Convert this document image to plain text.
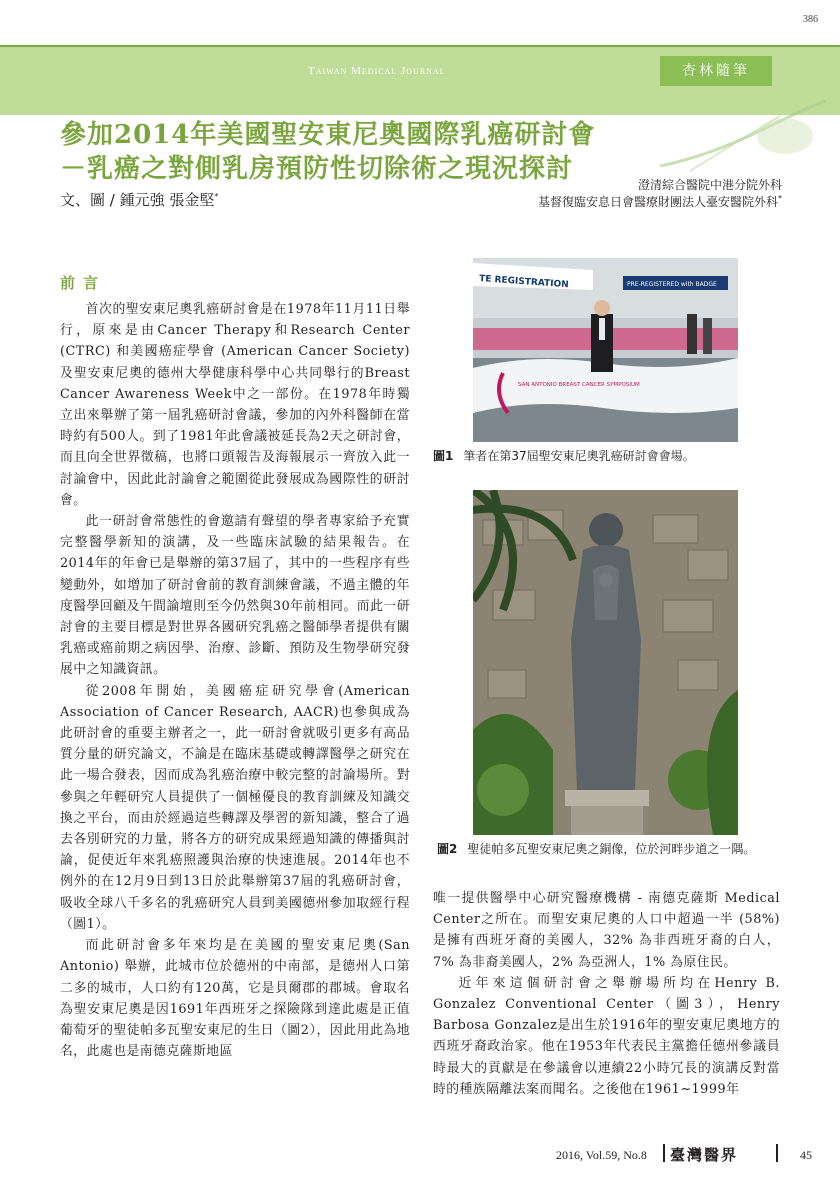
386
Taiwan Medical Journal	杏林隨筆
參加2014年美國聖安東尼奧國際乳癌研討會
－乳癌之對側乳房預防性切除術之現況探討
文、圖 / 鍾元強 張金堅*
澄清綜合醫院中港分院外科
基督復臨安息日會醫療財團法人臺安醫院外科*
前言

首次的聖安東尼奧乳癌研討會是在1978年11月11日舉行，原來是由Cancer Therapy和Research Center (CTRC) 和美國癌症學會 (American Cancer Society) 及聖安東尼奧的德州大學健康科學中心共同舉行的Breast Cancer Awareness Week中之一部份。在1978年時獨立出來舉辦了第一屆乳癌研討會議，參加的內外科醫師在當時約有500人。到了1981年此會議被延長為2天之研討會，而且向全世界徵稿，也將口頭報告及海報展示一齊放入此一討論會中，因此此討論會之範圍從此發展成為國際性的研討會。

此一研討會常態性的會邀請有聲望的學者專家給予充實完整醫學新知的演講，及一些臨床試驗的結果報告。在2014年的年會已是舉辦的第37屆了，其中的一些程序有些變動外，如增加了研討會前的教育訓練會議，不過主體的年度醫學回顧及午間論壇則至今仍然與30年前相同。而此一研討會的主要目標是對世界各國研究乳癌之醫師學者提供有關乳癌或癌前期之病因學、治療、診斷、預防及生物學研究發展中之知識資訊。

從2008年開始，美國癌症研究學會(American Association of Cancer Research, AACR)也參與成為此研討會的重要主辦者之一，此一研討會就吸引更多有高品質分量的研究論文，不論是在臨床基礎或轉譯醫學之研究在此一場合發表，因而成為乳癌治療中較完整的討論場所。對參與之年輕研究人員提供了一個極優良的教育訓練及知識交換之平台，而由於經過這些轉譯及學習的新知識，整合了過去各別研究的力量，將各方的研究成果經過知識的傳播與討論，促使近年來乳癌照護與治療的快速進展。2014年也不例外的在12月9日到13日於此舉辦第37屆的乳癌研討會，吸收全球八千多名的乳癌研究人員到美國德州參加取經行程（圖1）。

而此研討會多年來均是在美國的聖安東尼奧(San Antonio) 舉辦，此城市位於德州的中南部，是德州人口第二多的城市，人口約有120萬，它是貝爾郡的郡城。會取名為聖安東尼奧是因1691年西班牙之探險隊到達此處是正值葡萄牙的聖徒帕多瓦聖安東尼的生日（圖2），因此用此為地名，此處也是南德克薩斯地區

唯一提供醫學中心研究醫療機構 - 南德克薩斯 Medical Center之所在。而聖安東尼奧的人口中超過一半 (58%) 是擁有西班牙裔的美國人，32% 為非西班牙裔的白人，7% 為非裔美國人，2% 為亞洲人，1% 為原住民。

近年來這個研討會之舉辦場所均在Henry B. Gonzalez Conventional Center（圖3），Henry Barbosa Gonzalez是出生於1916年的聖安東尼奧地方的西班牙裔政治家。他在1953年代表民主黨擔任德州參議員時最大的貢獻是在參議會以連續22小時冗長的演講反對當時的種族隔離法案而聞名。之後他在1961~1999年

TE REGISTRATION	PRE-REGISTERED with BADGE
SAN ANTONIO BREAST CANCER SYMPOSIUM
圖1 筆者在第37屆聖安東尼奧乳癌研討會會場。
圖2 聖徒帕多瓦聖安東尼奧之銅像，位於河畔步道之一隅。
2016, Vol.59, No.8 臺灣醫界	45
